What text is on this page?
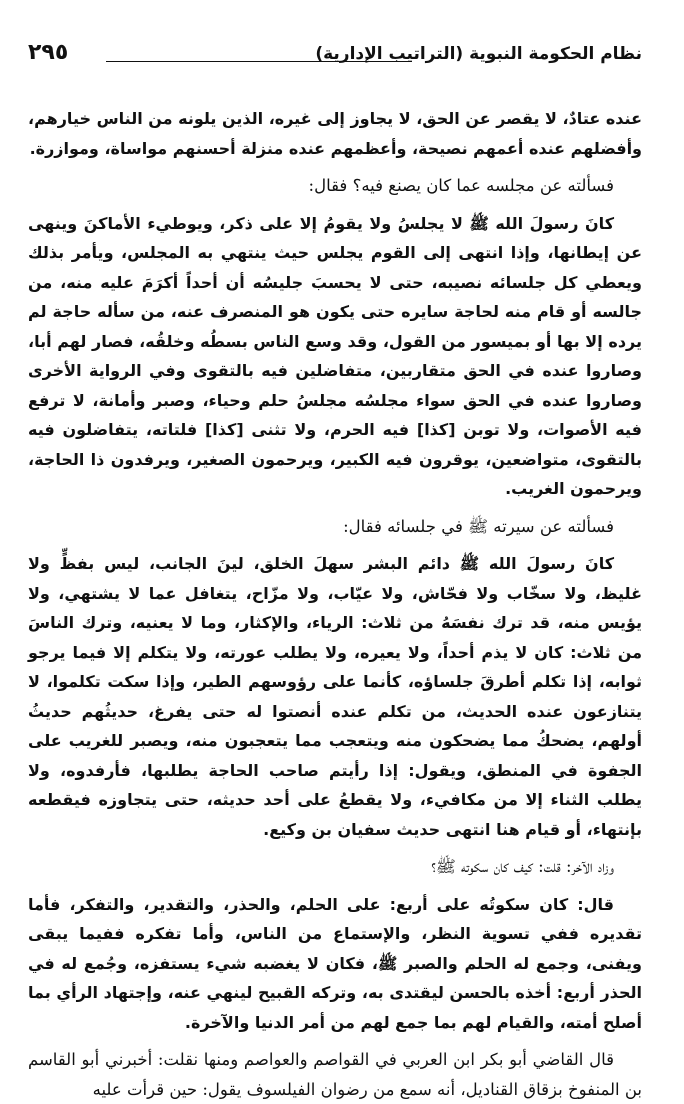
نظام الحكومة النبوية (التراتيب الإدارية)
٢٩٥

عنده عتادٌ، لا يقصر عن الحق، لا يجاوز إلى غيره، الذين يلونه من الناس خيارهم، وأفضلهم عنده أعمهم نصيحة، وأعظمهم عنده منزلة أحسنهم مواساة، وموازرة.

فسألته عن مجلسه عما كان يصنع فيه؟ فقال:

كانَ رسولَ الله ﷺ لا يجلسُ ولا يقومُ إلا على ذكر، ويوطيء الأماكنَ وينهى عن إيطانها، وإذا انتهى إلى القوم يجلس حيث ينتهي به المجلس، ويأمر بذلك ويعطي كل جلسائه نصيبه، حتى لا يحسبَ جليسُه أن أحداً أكرَمَ عليه منه، من جالسه أو قام منه لحاجة سايره حتى يكون هو المنصرف عنه، من سأله حاجة لم يرده إلا بها أو بميسور من القول، وقد وسع الناس بسطُه وخلقُه، فصار لهم أبا، وصاروا عنده في الحق متقاربين، متفاضلين فيه بالتقوى وفي الرواية الأخرى وصاروا عنده في الحق سواء مجلسُه مجلسُ حلم وحياء، وصبر وأمانة، لا ترفع فيه الأصوات، ولا توبن [كذا] فيه الحرم، ولا تثنى [كذا] فلتاته، يتفاضلون فيه بالتقوى، متواضعين، يوقرون فيه الكبير، ويرحمون الصغير، ويرفدون ذا الحاجة، ويرحمون الغريب.

فسألته عن سيرته ﷺ في جلسائه فقال:

كانَ رسولَ الله ﷺ دائم البشر سهلَ الخلق، لينَ الجانب، ليس بفظٍّ ولا غليظ، ولا سخّاب ولا فحّاش، ولا عيّاب، ولا مزّاح، يتغافل عما لا يشتهي، ولا يؤيس منه، قد ترك نفسَهُ من ثلاث: الرياء، والإكثار، وما لا يعنيه، وترك الناسَ من ثلاث: كان لا يذم أحداً، ولا يعيره، ولا يطلب عورته، ولا يتكلم إلا فيما يرجو ثوابه، إذا تكلم أطرقَ جلساؤه، كأنما على رؤوسهم الطير، وإذا سكت تكلموا، لا يتنازعون عنده الحديث، من تكلم عنده أنصتوا له حتى يفرغ، حديثُهم حديثُ أولهم، يضحكُ مما يضحكون منه ويتعجب مما يتعجبون منه، ويصبر للغريب على الجفوة في المنطق، ويقول: إذا رأيتم صاحب الحاجة يطلبها، فأرفدوه، ولا يطلب الثناء إلا من مكافيء، ولا يقطعُ على أحد حديثه، حتى يتجاوزه فيقطعه بإنتهاء، أو قيام هنا انتهى حديث سفيان بن وكيع.

وزاد الآخر: قلت: كيف كان سكوته ﷺ؟

قال: كان سكوتُه على أربع: على الحلم، والحذر، والتقدير، والتفكر، فأما تقديره ففي تسوية النظر، والإستماع من الناس، وأما تفكره ففيما يبقى ويفنى، وجمع له الحلم والصبر ﷺ، فكان لا يغضبه شيء يستفزه، وجُمع له في الحذر أربع: أخذه بالحسن ليقتدى به، وتركه القبيح لينهي عنه، وإجتهاد الرأي بما أصلح أمته، والقيام لهم بما جمع لهم من أمر الدنيا والآخرة.

قال القاضي أبو بكر ابن العربي في القواصم والعواصم ومنها نقلت: أخبرني أبو القاسم بن المنفوخ بزقاق القناديل، أنه سمع من رضوان الفيلسوف يقول: حين قرأت عليه
